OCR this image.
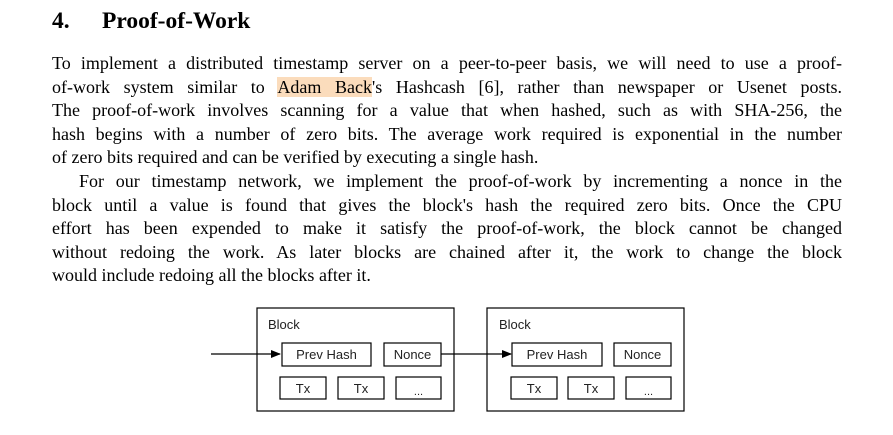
4. Proof-of-Work
To implement a distributed timestamp server on a peer-to-peer basis, we will need to use a proof-
of-work system similar to Adam Back's Hashcash [6], rather than newspaper or Usenet posts.
The proof-of-work involves scanning for a value that when hashed, such as with SHA-256, the
hash begins with a number of zero bits. The average work required is exponential in the number
of zero bits required and can be verified by executing a single hash.
For our timestamp network, we implement the proof-of-work by incrementing a nonce in the
block until a value is found that gives the block's hash the required zero bits. Once the CPU
effort has been expended to make it satisfy the proof-of-work, the block cannot be changed
without redoing the work. As later blocks are chained after it, the work to change the block
would include redoing all the blocks after it.
Block
Prev Hash	Nonce
Tx	Tx	...
Block
Prev Hash	Nonce
Tx	Tx	...
